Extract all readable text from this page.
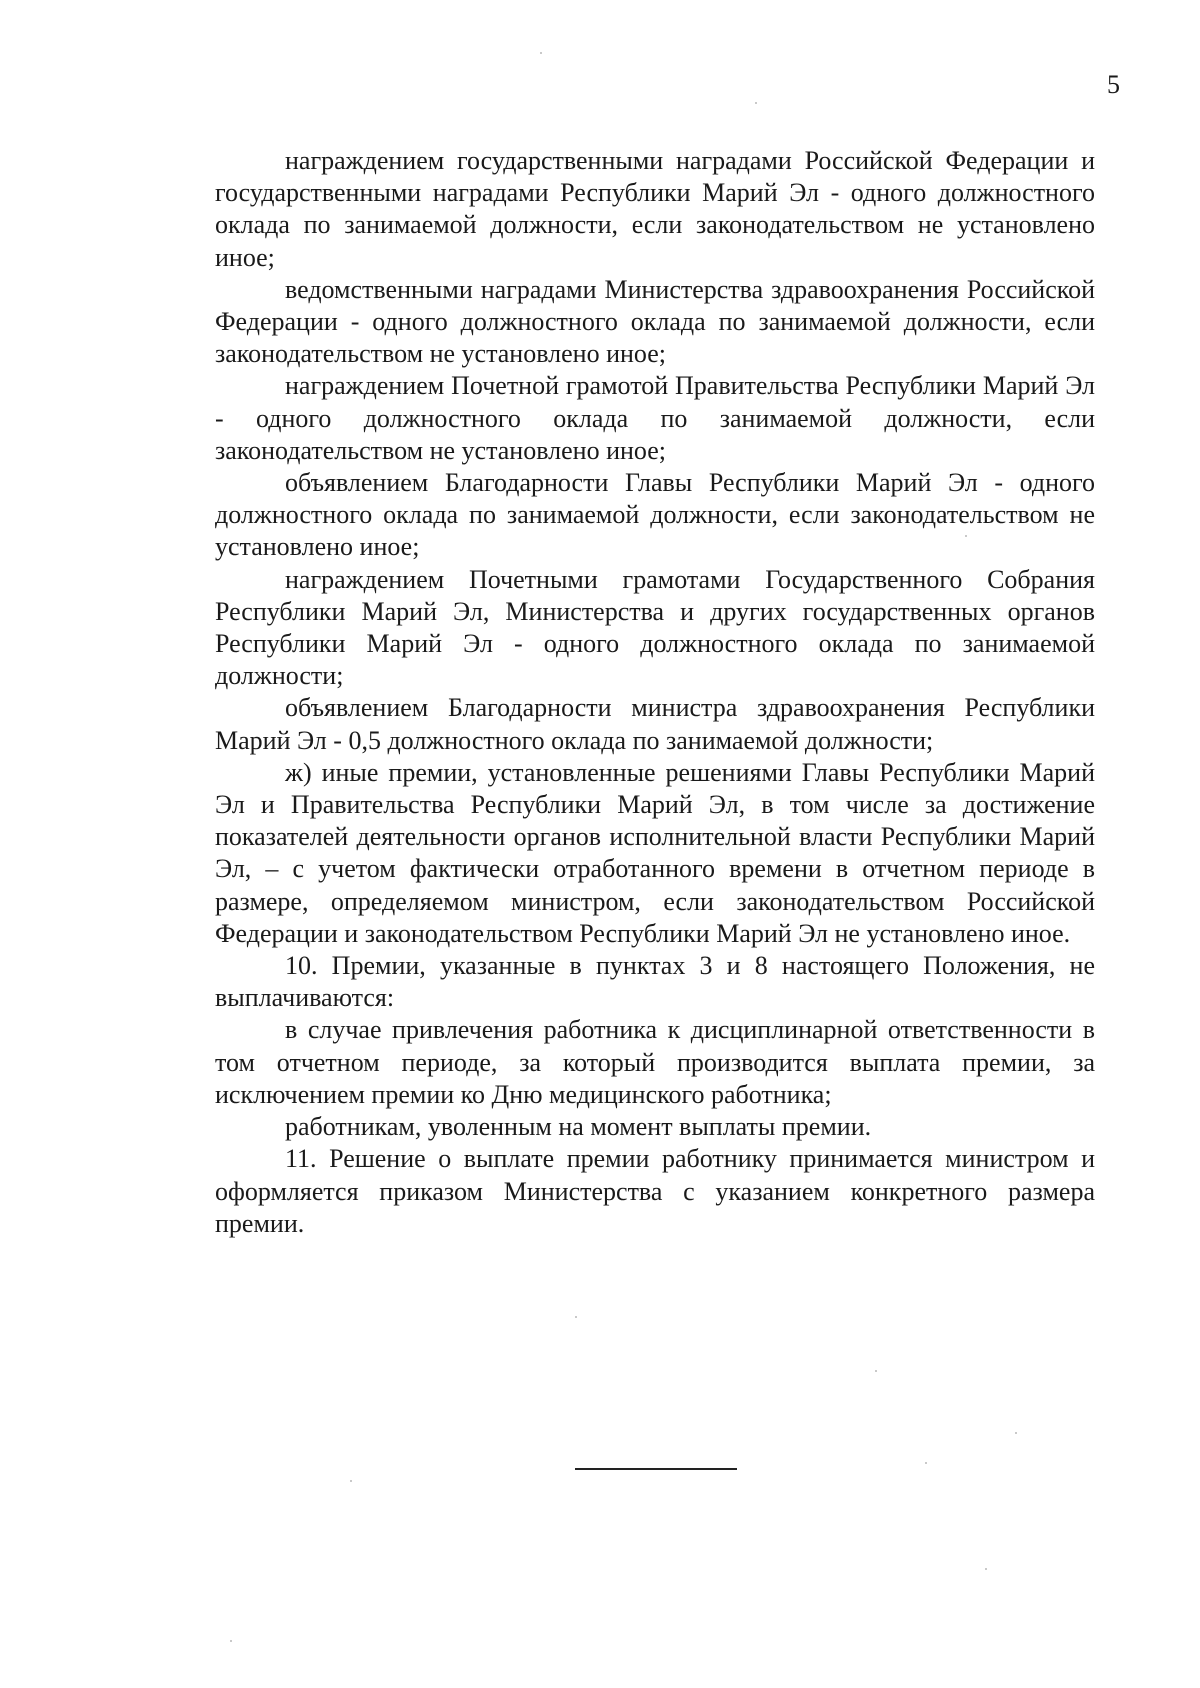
5

награждением государственными наградами Российской Федерации и государственными наградами Республики Марий Эл - одного должностного оклада по занимаемой должности, если законодательством не установлено иное;

ведомственными наградами Министерства здравоохранения Российской Федерации - одного должностного оклада по занимаемой должности, если законодательством не установлено иное;

награждением Почетной грамотой Правительства Республики Марий Эл - одного должностного оклада по занимаемой должности, если законодательством не установлено иное;

объявлением Благодарности Главы Республики Марий Эл - одного должностного оклада по занимаемой должности, если законодательством не установлено иное;

награждением Почетными грамотами Государственного Собрания Республики Марий Эл, Министерства и других государственных органов Республики Марий Эл - одного должностного оклада по занимаемой должности;

объявлением Благодарности министра здравоохранения Республики Марий Эл - 0,5 должностного оклада по занимаемой должности;

ж) иные премии, установленные решениями Главы Республики Марий Эл и Правительства Республики Марий Эл, в том числе за достижение показателей деятельности органов исполнительной власти Республики Марий Эл, – с учетом фактически отработанного времени в отчетном периоде в размере, определяемом министром, если законодательством Российской Федерации и законодательством Республики Марий Эл не установлено иное.

10. Премии, указанные в пунктах 3 и 8 настоящего Положения, не выплачиваются:

в случае привлечения работника к дисциплинарной ответственности в том отчетном периоде, за который производится выплата премии, за исключением премии ко Дню медицинского работника;

работникам, уволенным на момент выплаты премии.

11. Решение о выплате премии работнику принимается министром и оформляется приказом Министерства с указанием конкретного размера премии.
